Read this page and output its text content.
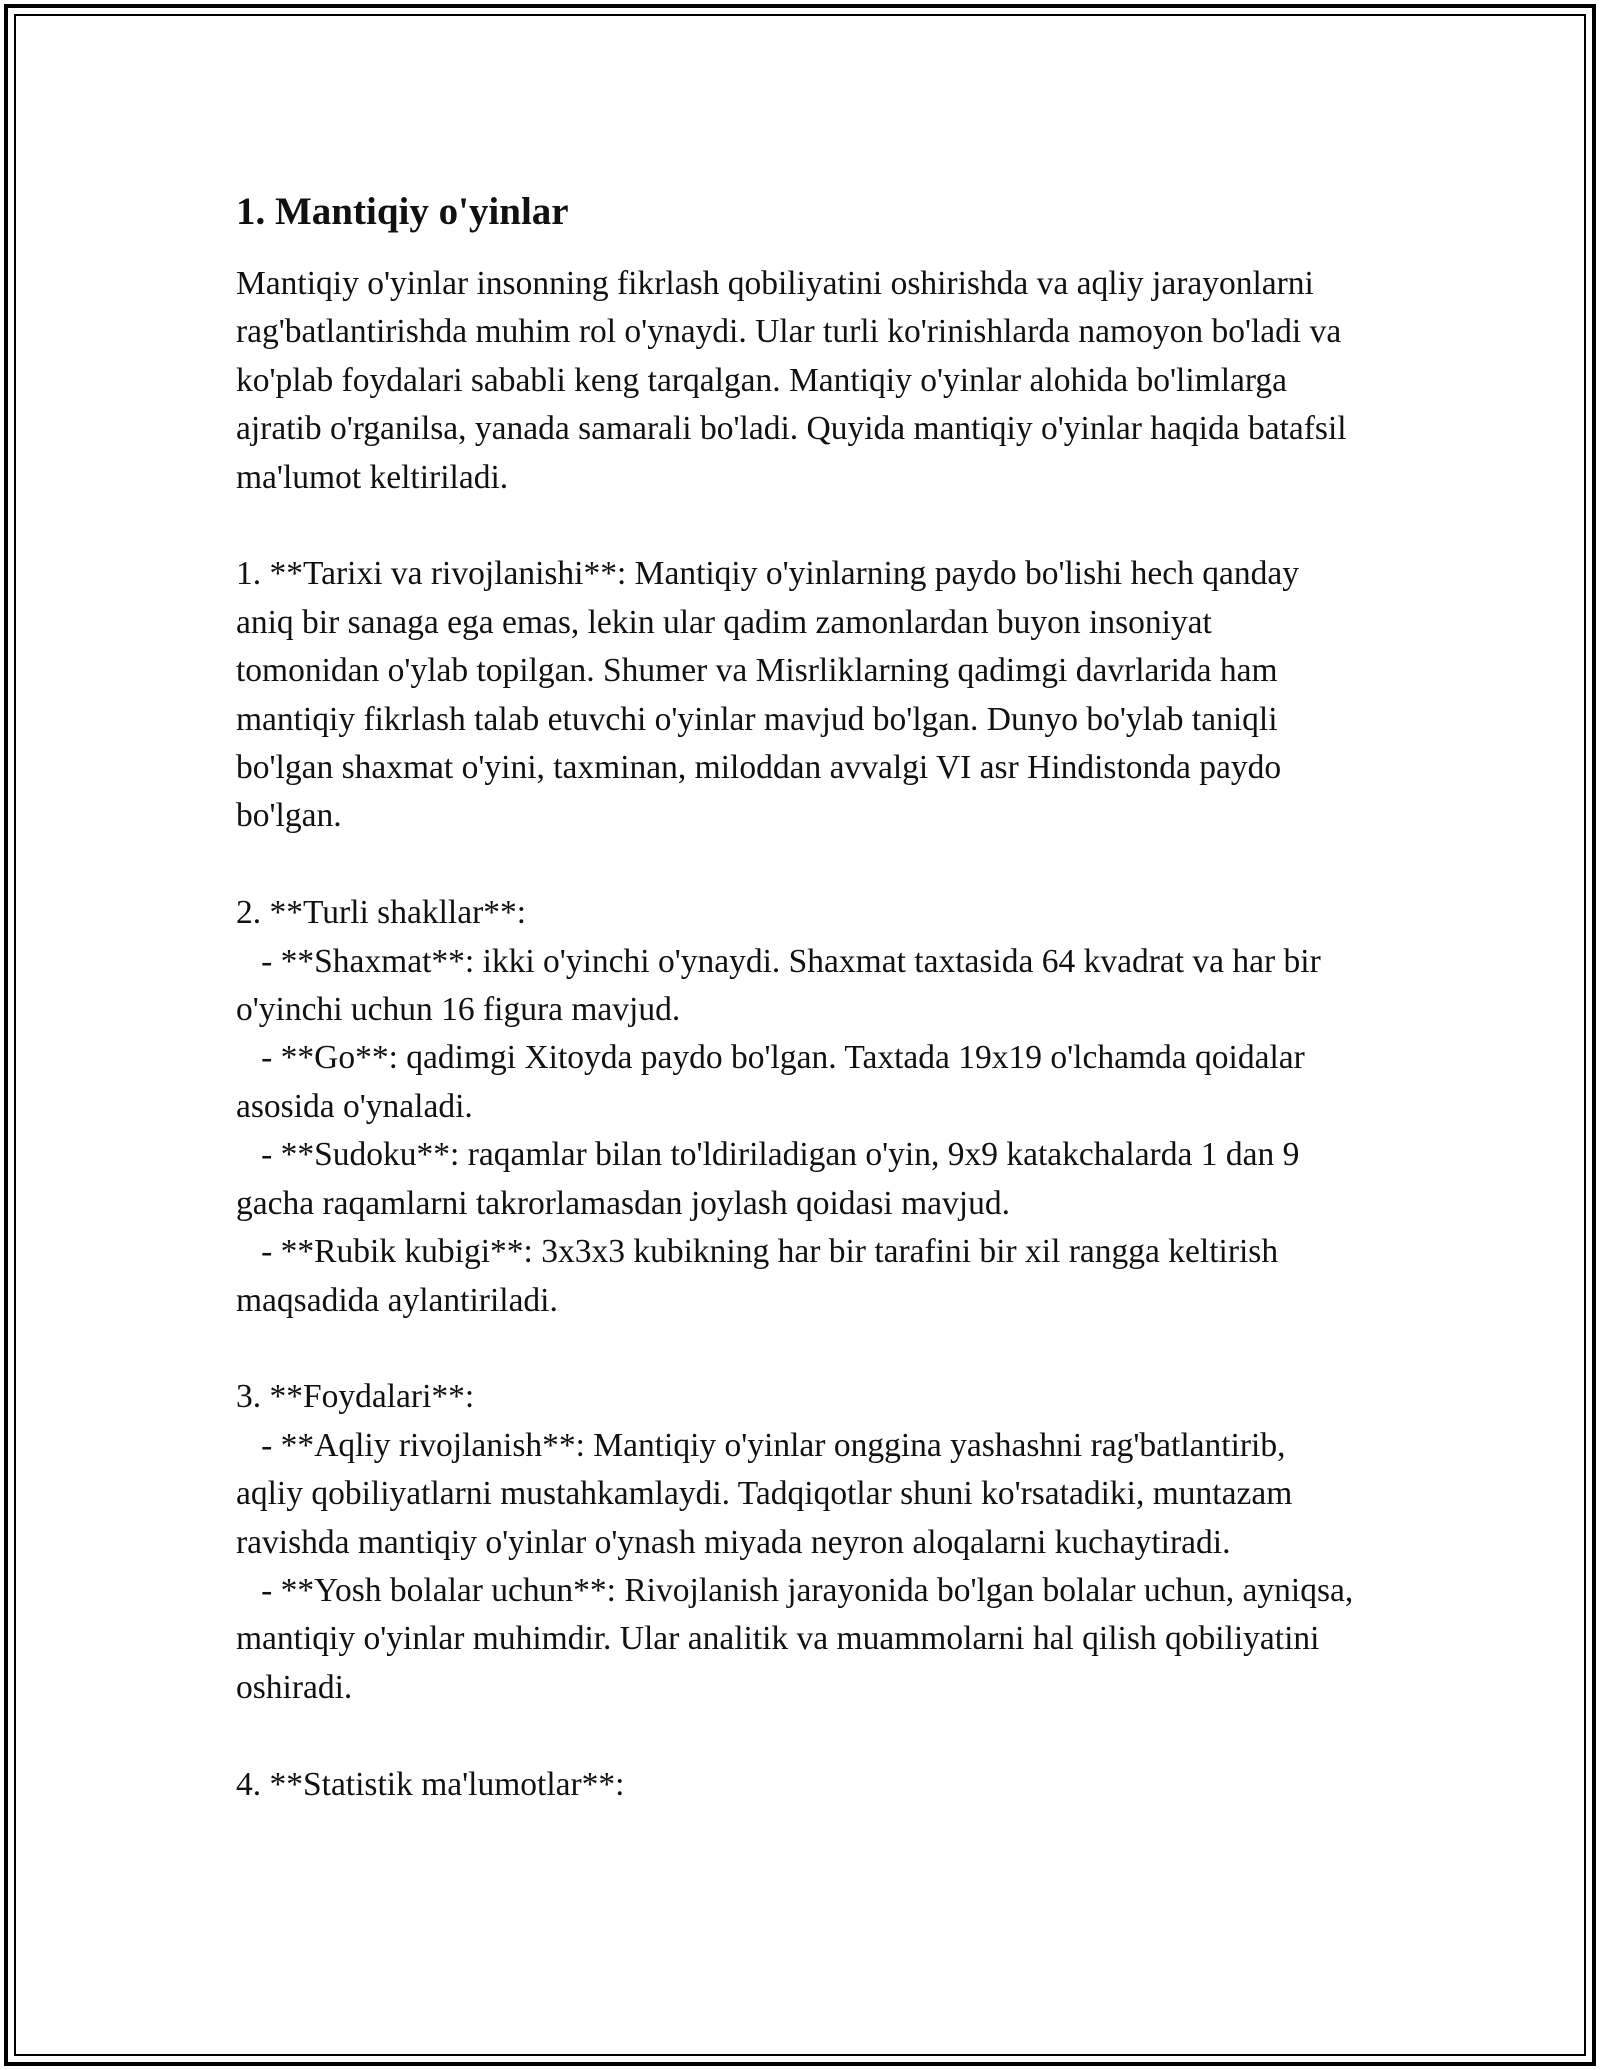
1. Mantiqiy o'yinlar

Mantiqiy o'yinlar insonning fikrlash qobiliyatini oshirishda va aqliy jarayonlarni rag'batlantirishda muhim rol o'ynaydi. Ular turli ko'rinishlarda namoyon bo'ladi va ko'plab foydalari sababli keng tarqalgan. Mantiqiy o'yinlar alohida bo'limlarga ajratib o'rganilsa, yanada samarali bo'ladi. Quyida mantiqiy o'yinlar haqida batafsil ma'lumot keltiriladi.

1. **Tarixi va rivojlanishi**: Mantiqiy o'yinlarning paydo bo'lishi hech qanday aniq bir sanaga ega emas, lekin ular qadim zamonlardan buyon insoniyat tomonidan o'ylab topilgan. Shumer va Misrliklarning qadimgi davrlarida ham mantiqiy fikrlash talab etuvchi o'yinlar mavjud bo'lgan. Dunyo bo'ylab taniqli bo'lgan shaxmat o'yini, taxminan, miloddan avvalgi VI asr Hindistonda paydo bo'lgan.

2. **Turli shakllar**:

- **Shaxmat**: ikki o'yinchi o'ynaydi. Shaxmat taxtasida 64 kvadrat va har bir o'yinchi uchun 16 figura mavjud.

- **Go**: qadimgi Xitoyda paydo bo'lgan. Taxtada 19x19 o'lchamda qoidalar asosida o'ynaladi.

- **Sudoku**: raqamlar bilan to'ldiriladigan o'yin, 9x9 katakchalarda 1 dan 9 gacha raqamlarni takrorlamasdan joylash qoidasi mavjud.

- **Rubik kubigi**: 3x3x3 kubikning har bir tarafini bir xil rangga keltirish maqsadida aylantiriladi.

3. **Foydalari**:

- **Aqliy rivojlanish**: Mantiqiy o'yinlar onggina yashashni rag'batlantirib, aqliy qobiliyatlarni mustahkamlaydi. Tadqiqotlar shuni ko'rsatadiki, muntazam ravishda mantiqiy o'yinlar o'ynash miyada neyron aloqalarni kuchaytiradi.

- **Yosh bolalar uchun**: Rivojlanish jarayonida bo'lgan bolalar uchun, ayniqsa, mantiqiy o'yinlar muhimdir. Ular analitik va muammolarni hal qilish qobiliyatini oshiradi.

4. **Statistik ma'lumotlar**:
